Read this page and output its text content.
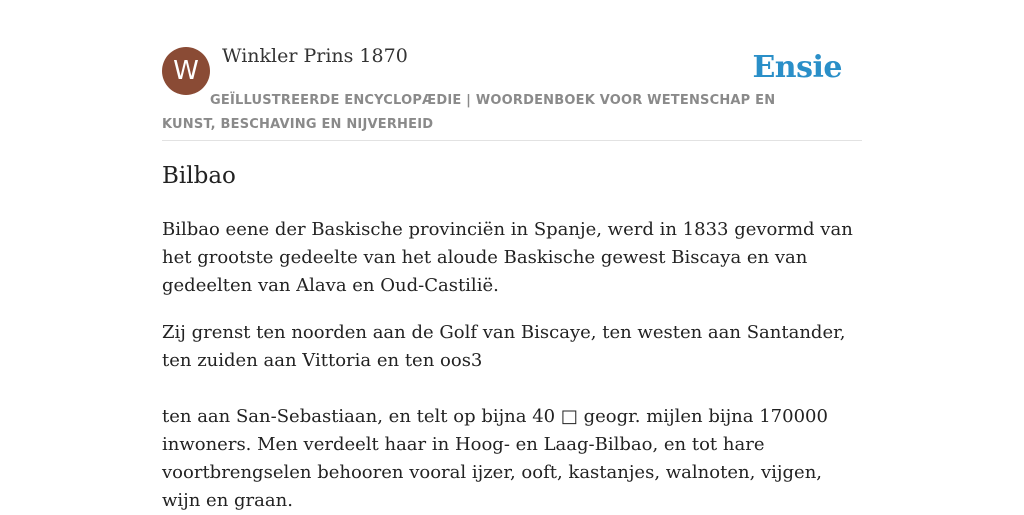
W	Winkler Prins 1870	Ensie
GEÏLLUSTREERDE ENCYCLOPÆDIE | WOORDENBOEK VOOR WETENSCHAP EN KUNST, BESCHAVING EN NIJVERHEID
Bilbao

Bilbao eene der Baskische provinciën in Spanje, werd in 1833 gevormd van het grootste gedeelte van het aloude Baskische gewest Biscaya en van gedeelten van Alava en Oud-Castilië.

Zij grenst ten noorden aan de Golf van Biscaye, ten westen aan Santander, ten zuiden aan Vittoria en ten oos3

ten aan San-Sebastiaan, en telt op bijna 40 □ geogr. mijlen bijna 170000 inwoners. Men verdeelt haar in Hoog- en Laag-Bilbao, en tot hare voortbrengselen behooren vooral ijzer, ooft, kastanjes, walnoten, vijgen, wijn en graan.
